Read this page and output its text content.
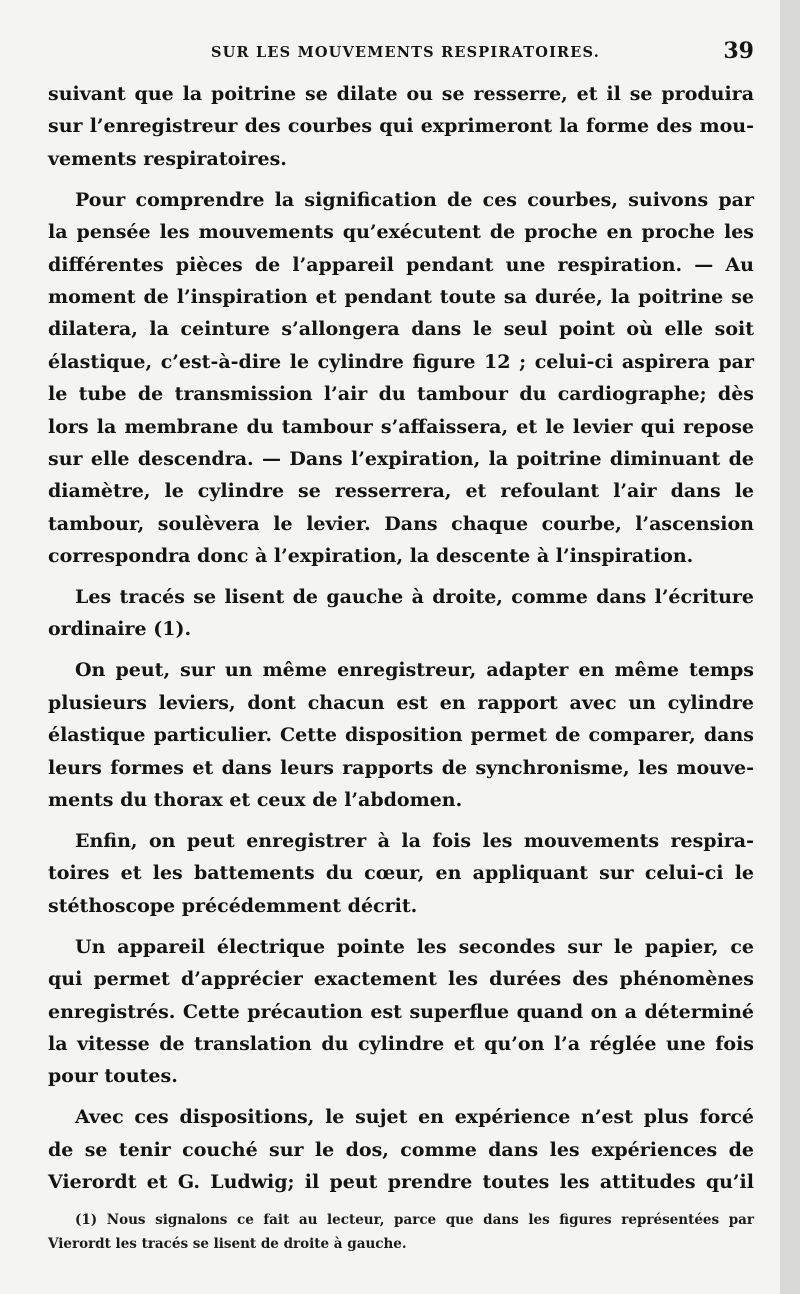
SUR LES MOUVEMENTS RESPIRATOIRES.	39
suivant que la poitrine se dilate ou se resserre, et il se produira
sur l’enregistreur des courbes qui exprimeront la forme des mou-
vements respiratoires.
Pour comprendre la signification de ces courbes, suivons par
la pensée les mouvements qu’exécutent de proche en proche les
différentes pièces de l’appareil pendant une respiration. — Au
moment de l’inspiration et pendant toute sa durée, la poitrine se
dilatera, la ceinture s’allongera dans le seul point où elle soit
élastique, c’est-à-dire le cylindre figure 12 ; celui-ci aspirera par
le tube de transmission l’air du tambour du cardiographe; dès
lors la membrane du tambour s’affaissera, et le levier qui repose
sur elle descendra. — Dans l’expiration, la poitrine diminuant de
diamètre, le cylindre se resserrera, et refoulant l’air dans le
tambour, soulèvera le levier. Dans chaque courbe, l’ascension
correspondra donc à l’expiration, la descente à l’inspiration.
Les tracés se lisent de gauche à droite, comme dans l’écriture
ordinaire (1).
On peut, sur un même enregistreur, adapter en même temps
plusieurs leviers, dont chacun est en rapport avec un cylindre
élastique particulier. Cette disposition permet de comparer, dans
leurs formes et dans leurs rapports de synchronisme, les mouve-
ments du thorax et ceux de l’abdomen.
Enfin, on peut enregistrer à la fois les mouvements respira-
toires et les battements du cœur, en appliquant sur celui-ci le
stéthoscope précédemment décrit.
Un appareil électrique pointe les secondes sur le papier, ce
qui permet d’apprécier exactement les durées des phénomènes
enregistrés. Cette précaution est superflue quand on a déterminé
la vitesse de translation du cylindre et qu’on l’a réglée une fois
pour toutes.
Avec ces dispositions, le sujet en expérience n’est plus forcé
de se tenir couché sur le dos, comme dans les expériences de
Vierordt et G. Ludwig; il peut prendre toutes les attitudes qu’il
(1) Nous signalons ce fait au lecteur, parce que dans les figures représentées par
Vierordt les tracés se lisent de droite à gauche.
